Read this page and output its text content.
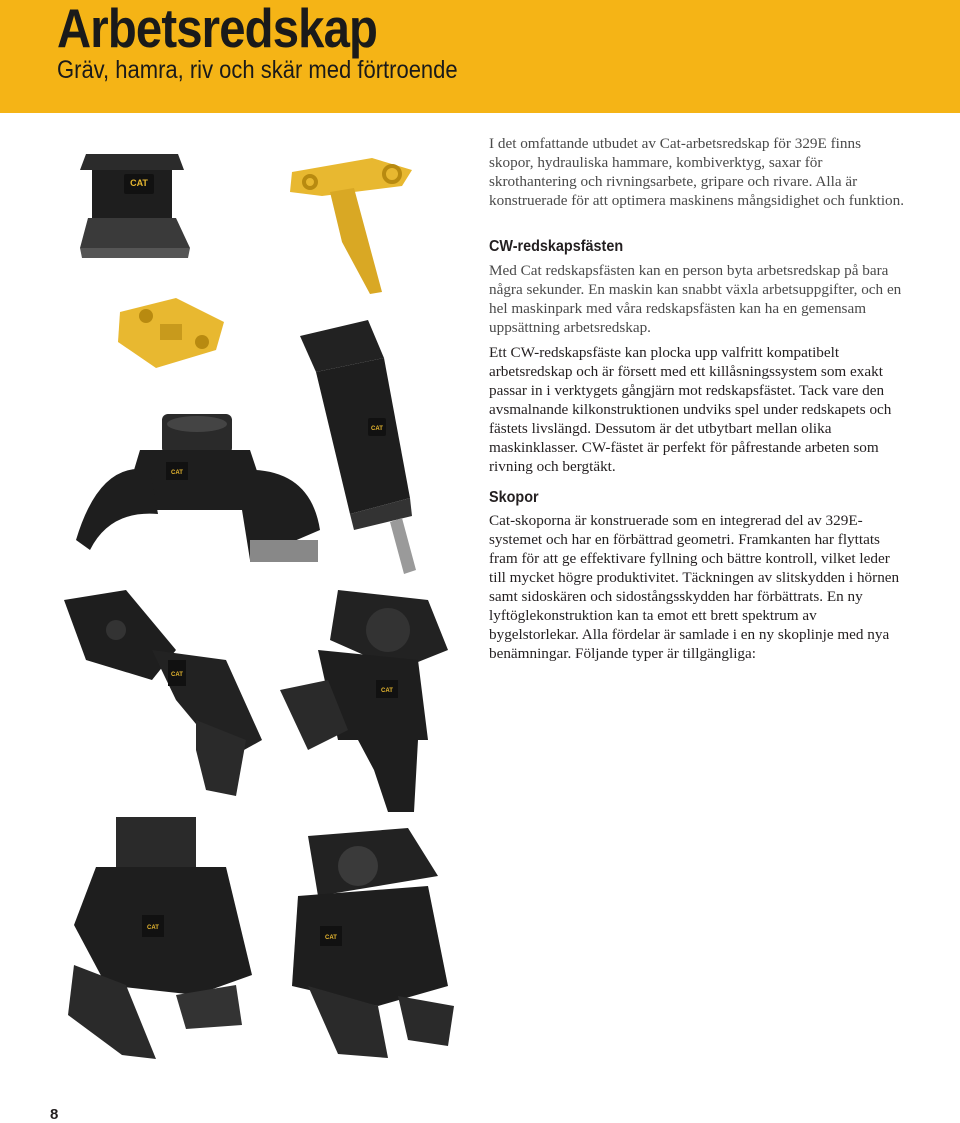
Arbetsredskap

Gräv, hamra, riv och skär med förtroende

CAT
CAT
CAT
CAT
CAT
CAT
CAT

I det omfattande utbudet av Cat-arbetsredskap för 329E finns skopor, hydrauliska hammare, kombiverktyg, saxar för skrothantering och rivningsarbete, gripare och rivare. Alla är konstruerade för att optimera maskinens mångsidighet och funktion.

CW-redskapsfästen

Med Cat redskapsfästen kan en person byta arbetsredskap på bara några sekunder. En maskin kan snabbt växla arbetsuppgifter, och en hel maskinpark med våra redskapsfästen kan ha en gemensam uppsättning arbetsredskap.

Ett CW-redskapsfäste kan plocka upp valfritt kompatibelt arbetsredskap och är försett med ett killåsningssystem som exakt passar in i verktygets gångjärn mot redskapsfästet. Tack vare den avsmalnande kilkonstruktionen undviks spel under redskapets och fästets livslängd. Dessutom är det utbytbart mellan olika maskinklasser. CW-fästet är perfekt för påfrestande arbeten som rivning och bergtäkt.

Skopor

Cat-skoporna är konstruerade som en integrerad del av 329E-systemet och har en förbättrad geometri. Framkanten har flyttats fram för att ge effektivare fyllning och bättre kontroll, vilket leder till mycket högre produktivitet. Täckningen av slitskydden i hörnen samt sidoskären och sidostångsskydden har förbättrats. En ny lyftöglekonstruktion kan ta emot ett brett spektrum av bygelstorlekar. Alla fördelar är samlade i en ny skoplinje med nya benämningar. Följande typer är tillgängliga:

8
